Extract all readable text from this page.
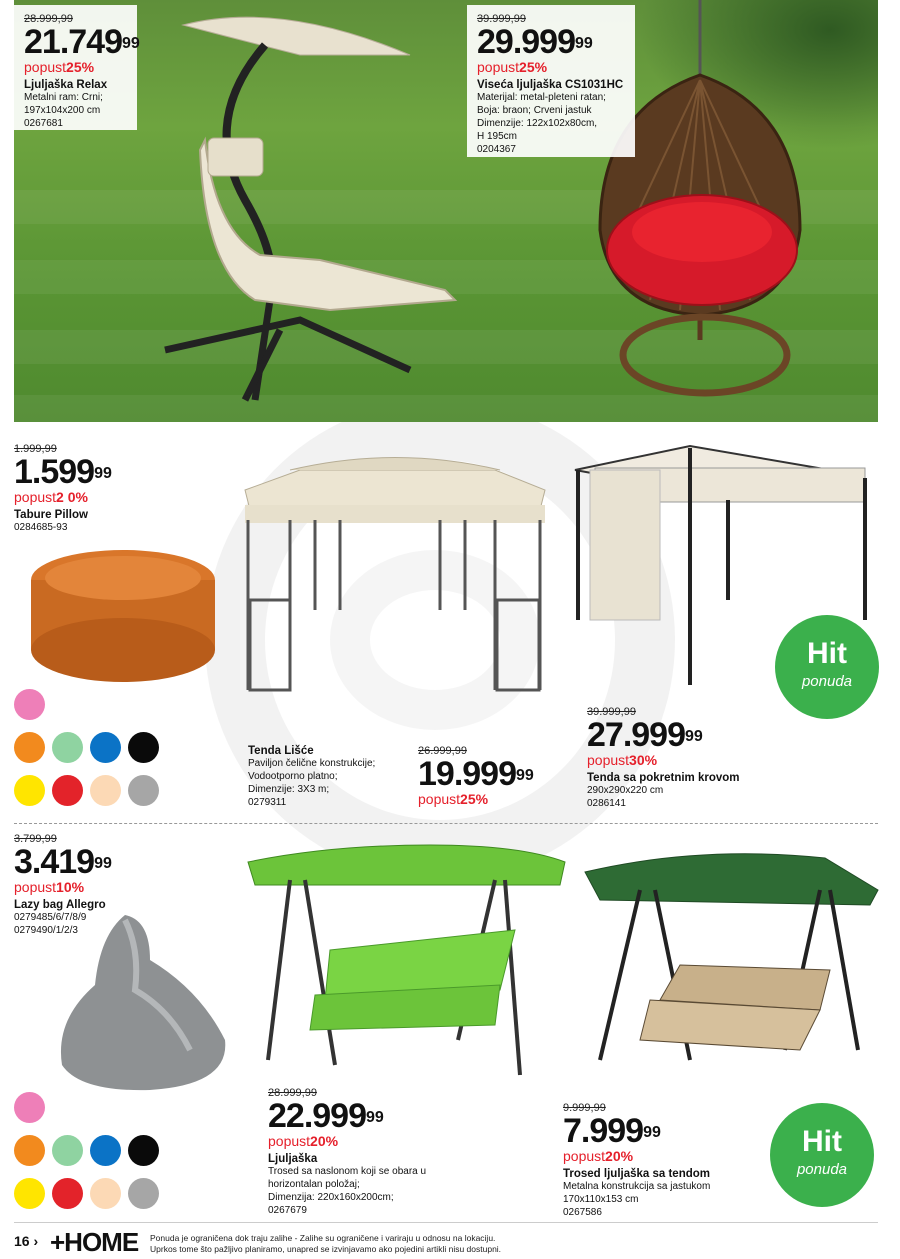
28.999,99
21.749$^{99}$
popust25%
Ljuljaška Relax
Metalni ram: Crni;
197x104x200 cm
0267681
39.999,99
29.999$^{99}$
popust25%
Viseća ljuljaška CS1031HC
Materijal: metal-pleteni ratan;
Boja: braon; Crveni jastuk
Dimenzije: 122x102x80cm,
H 195cm
0204367
1.999,99
1.599$^{99}$
popust2 0%
Tabure Pillow
0284685-93
Tenda Lišće
Paviljon čelične konstrukcije;
Vodootporno platno;
Dimenzije: 3X3 m;
0279311
26.999,99
19.999$^{99}$
popust25%
39.999,99
27.999$^{99}$
popust30%
Tenda sa pokretnim krovom
290x290x220 cm
0286141
Hit
ponuda
3.799,99
3.419$^{99}$
popust10%
Lazy bag Allegro
0279485/6/7/8/9
0279490/1/2/3
28.999,99
22.999$^{99}$
popust20%
Ljuljaška
Trosed sa naslonom koji se obara u
horizontalan položaj;
Dimenzija: 220x160x200cm;
0267679
9.999,99
7.999$^{99}$
popust20%
Trosed ljuljaška sa tendom
Metalna konstrukcija sa jastukom
170x110x153 cm
0267586
Hit
ponuda
16 › +HOME Ponuda je ograničena dok traju zalihe - Zalihe su ograničene i variraju u odnosu na lokaciju.
Uprkos tome što pažljivo planiramo, unapred se izvinjavamo ako pojedini artikli nisu dostupni.
